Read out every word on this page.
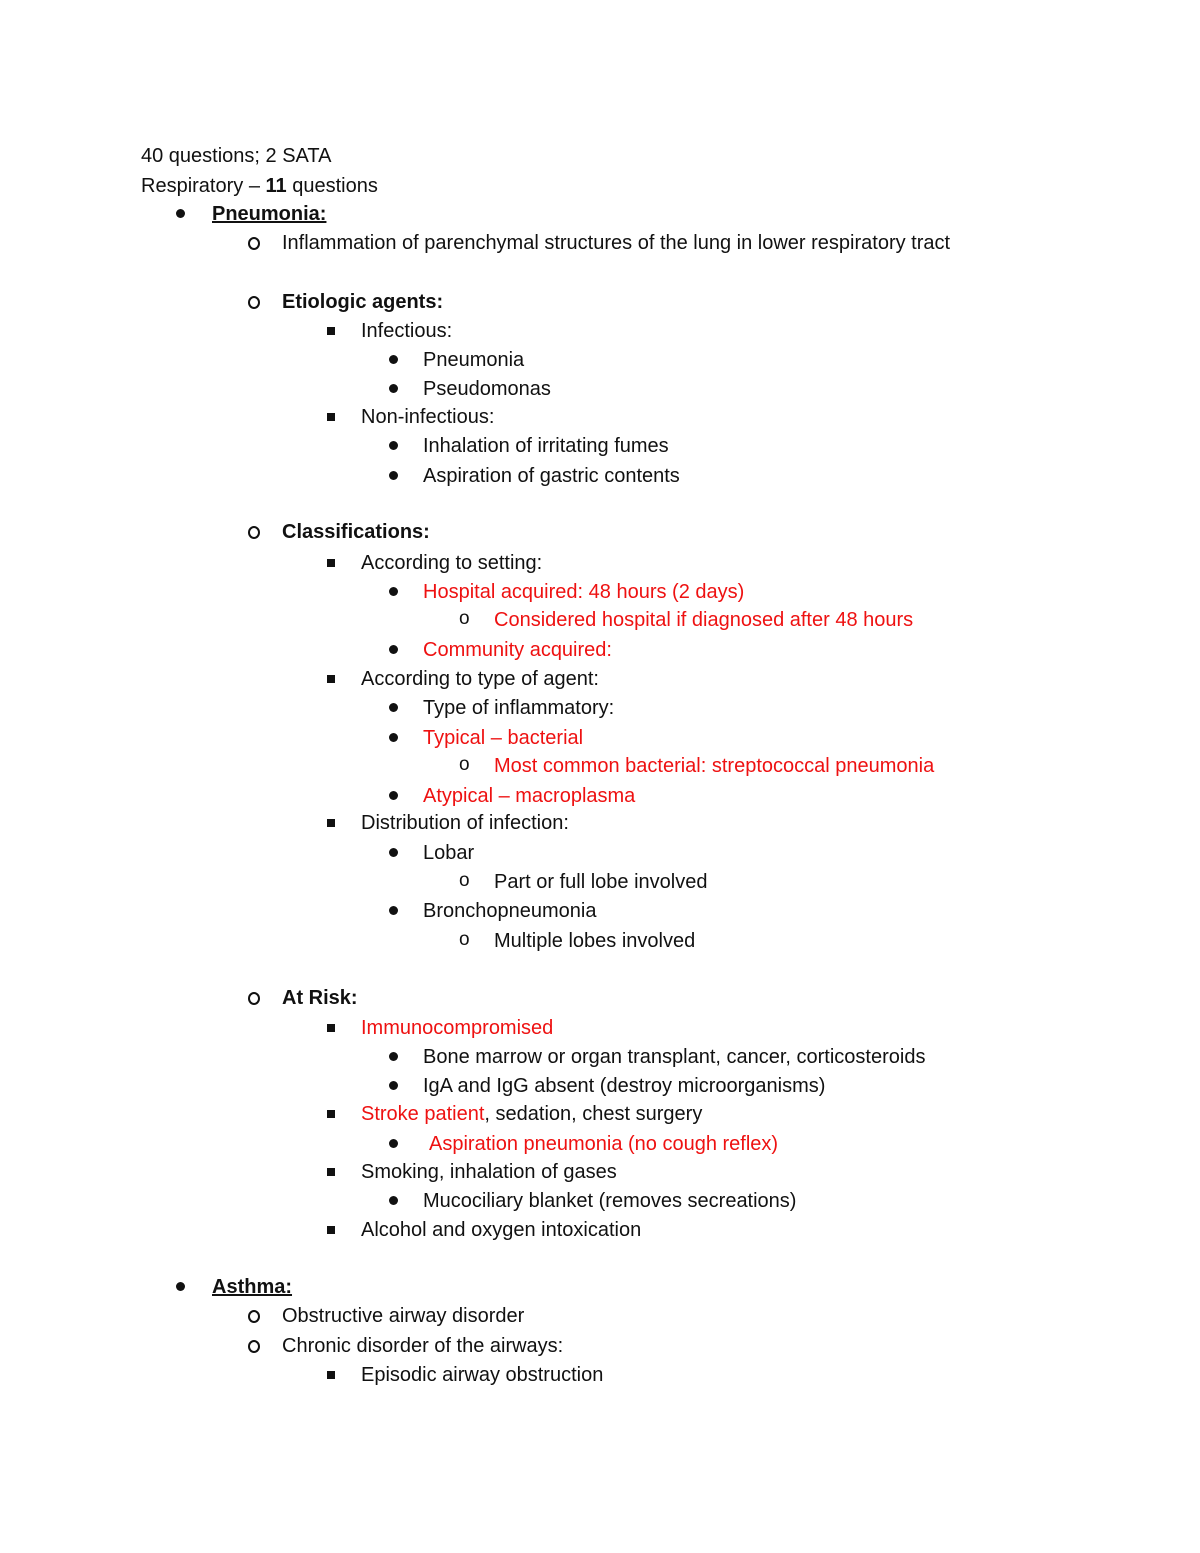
40 questions; 2 SATA
Respiratory – 11 questions
Pneumonia:
Inflammation of parenchymal structures of the lung in lower respiratory tract
Etiologic agents:
Infectious:
Pneumonia
Pseudomonas
Non-infectious:
Inhalation of irritating fumes
Aspiration of gastric contents
Classifications:
According to setting:
Hospital acquired: 48 hours (2 days)
o Considered hospital if diagnosed after 48 hours
Community acquired:
According to type of agent:
Type of inflammatory:
Typical – bacterial
o Most common bacterial: streptococcal pneumonia
Atypical – macroplasma
Distribution of infection:
Lobar
o Part or full lobe involved
Bronchopneumonia
o Multiple lobes involved
At Risk:
Immunocompromised
Bone marrow or organ transplant, cancer, corticosteroids
IgA and IgG absent (destroy microorganisms)
Stroke patient, sedation, chest surgery
Aspiration pneumonia (no cough reflex)
Smoking, inhalation of gases
Mucociliary blanket (removes secreations)
Alcohol and oxygen intoxication
Asthma:
Obstructive airway disorder
Chronic disorder of the airways:
Episodic airway obstruction
